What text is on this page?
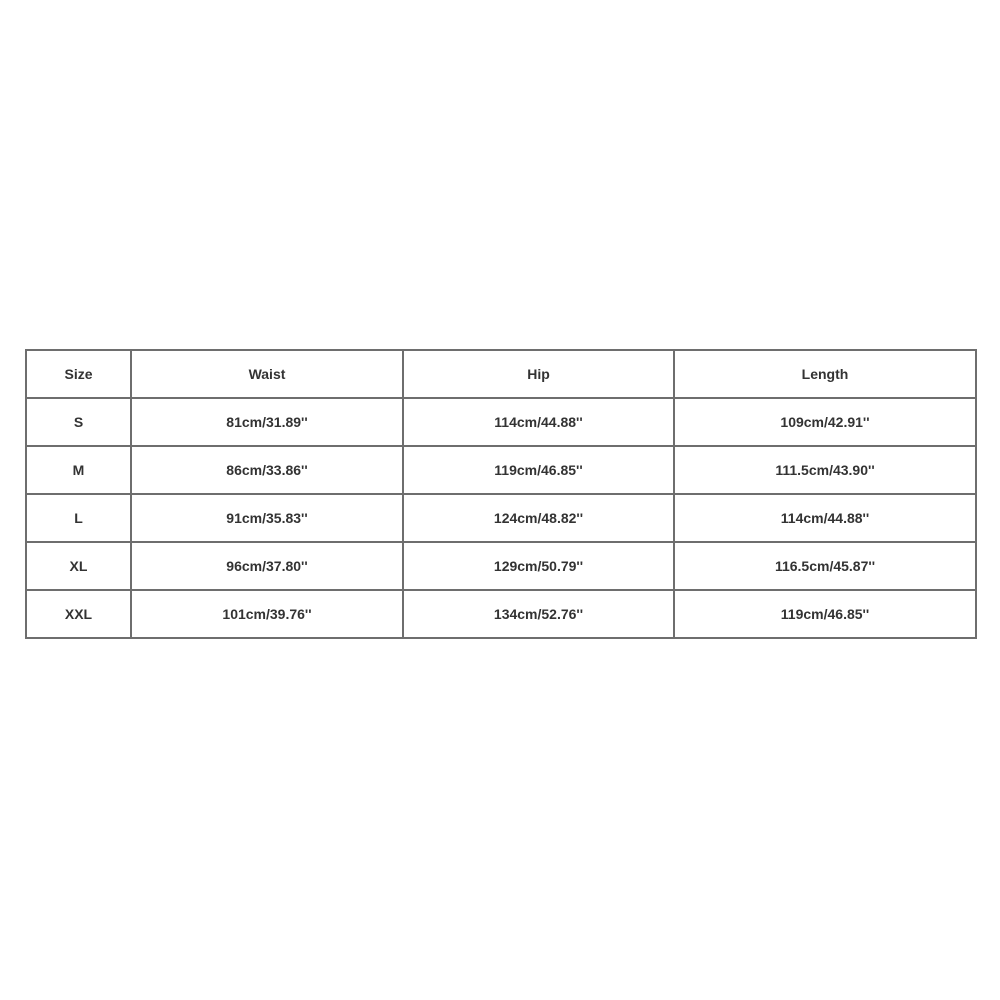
Size	Waist	Hip	Length
S	81cm/31.89''	114cm/44.88''	109cm/42.91''
M	86cm/33.86''	119cm/46.85''	111.5cm/43.90''
L	91cm/35.83''	124cm/48.82''	114cm/44.88''
XL	96cm/37.80''	129cm/50.79''	116.5cm/45.87''
XXL	101cm/39.76''	134cm/52.76''	119cm/46.85''
